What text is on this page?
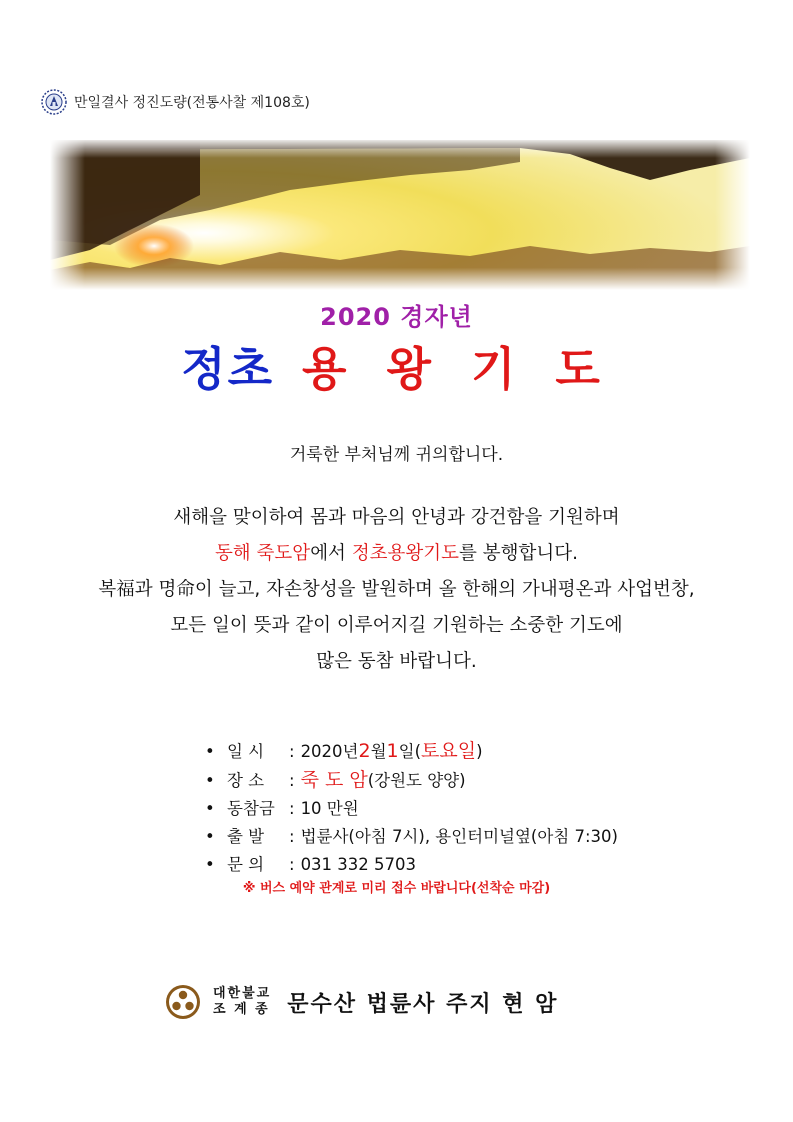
만일결사 정진도량(전통사찰 제108호)
2020 경자년
정초 용 왕 기 도
거룩한 부처님께 귀의합니다.
새해을 맞이하여 몸과 마음의 안녕과 강건함을 기원하며
동해 죽도암에서 정초용왕기도를 봉행합니다.
복福과 명命이 늘고, 자손창성을 발원하며 올 한해의 가내평온과 사업번창,
모든 일이 뜻과 같이 이루어지길 기원하는 소중한 기도에
많은 동참 바랍니다.
• 일 시	: 2020년 2 월 1 일( 토요일 )
• 장 소	: 죽 도 암 (강원도 양양)
• 동참금 : 10 만원
• 출 발	: 법륜사(아침 7시), 용인터미널옆(아침 7:30)
• 문 의	: 031 332 5703
※ 버스 예약 관계로 미리 접수 바랍니다(선착순 마감)
대한불교
조 계 종 문수산 법륜사 주지 현 암
